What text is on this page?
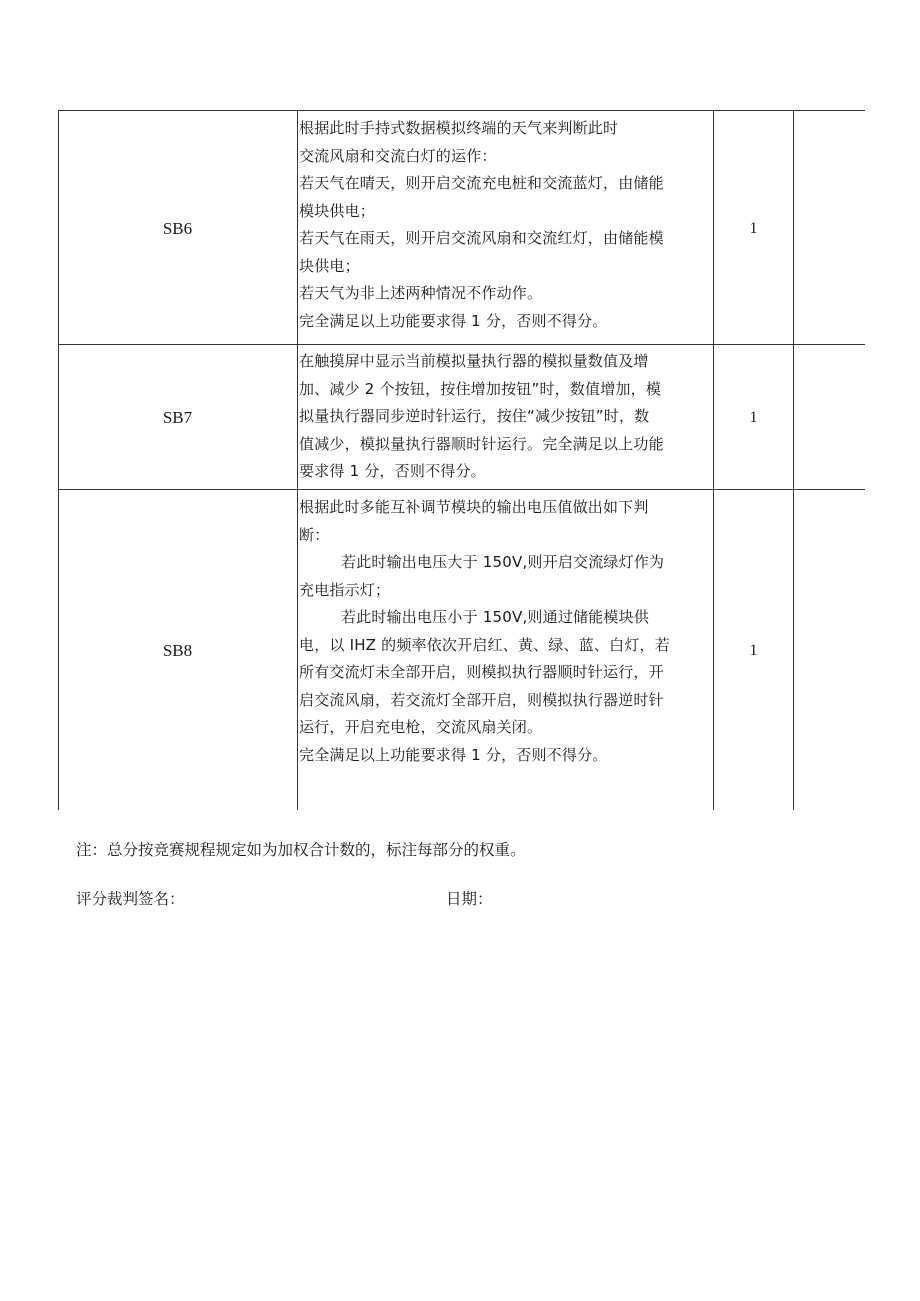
SB6

根据此时手持式数据模拟终端的天气来判断此时

交流风扇和交流白灯的运作：

若天气在晴天，则开启交流充电桩和交流蓝灯，由储能

模块供电；

若天气在雨天，则开启交流风扇和交流红灯，由储能模

块供电；

若天气为非上述两种情况不作动作。

完全满足以上功能要求得 1 分，否则不得分。

1
SB7

在触摸屏中显示当前模拟量执行器的模拟量数值及增

加、减少 2 个按钮，按住增加按钮”时，数值增加，模

拟量执行器同步逆时针运行，按住“减少按钮”时，数

值减少，模拟量执行器顺时针运行。完全满足以上功能

要求得 1 分，否则不得分。

1
SB8

根据此时多能互补调节模块的输出电压值做出如下判

断：

若此时输出电压大于 150V,则开启交流绿灯作为

充电指示灯；

若此时输出电压小于 150V,则通过储能模块供

电，以 IHZ 的频率依次开启红、黄、绿、蓝、白灯，若

所有交流灯未全部开启，则模拟执行器顺时针运行，开

启交流风扇，若交流灯全部开启，则模拟执行器逆时针

运行，开启充电枪，交流风扇关闭。

完全满足以上功能要求得 1 分，否则不得分。

1
注：总分按竞赛规程规定如为加权合计数的，标注每部分的权重。
评分裁判签名：	日期：
